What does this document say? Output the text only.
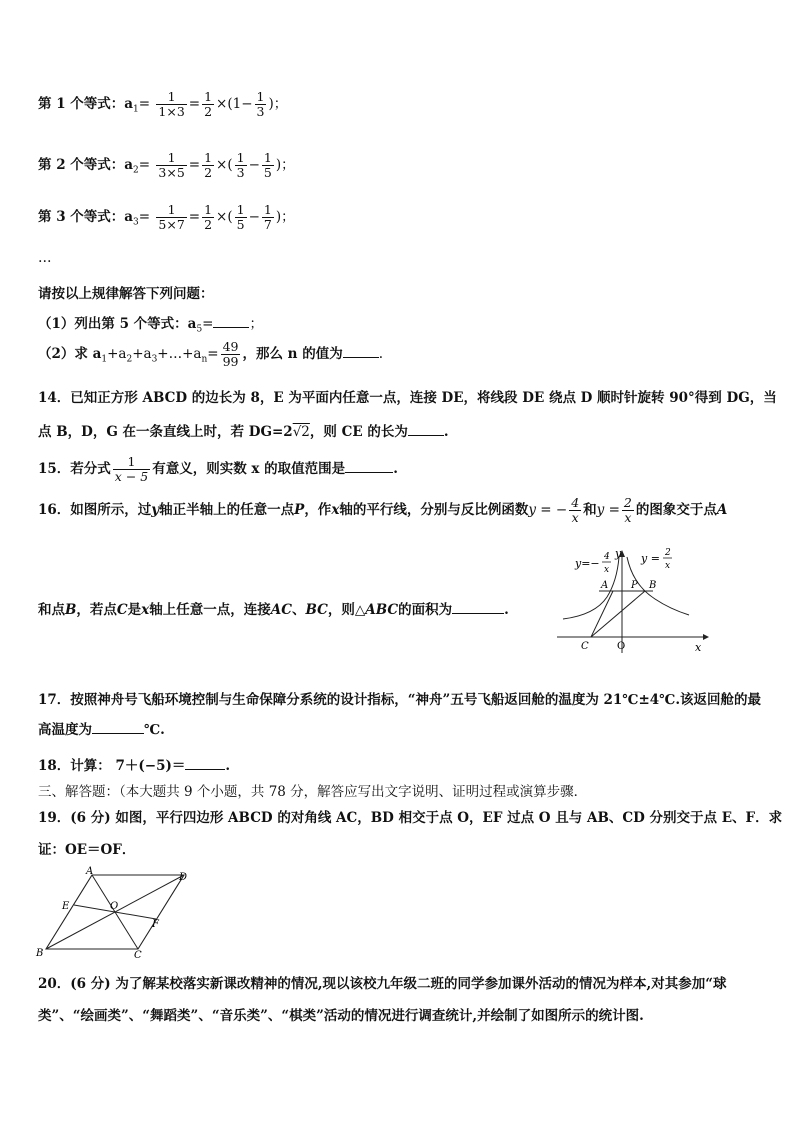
第 1 个等式：$a_1= \frac{1}{1\times 3} = \frac{1}{2} \times(1- \frac{1}{3}$ )；
第 2 个等式：$a_2= \frac{1}{3\times 5} = \frac{1}{2}$ ×( $\frac{1}{3} - \frac{1}{5}$ )；
第 3 个等式：$a_3= \frac{1}{5\times 7} = \frac{1}{2}$ ×( $\frac{1}{5} - \frac{1}{7}$ )；
…
请按以上规律解答下列问题：
（1）列出第 5 个等式：$a_5=$	；
（2）求 $a_1+a_2+a_3+\dots+a_n= \frac{49}{99}$ ，那么 n 的值为	.
14．已知正方形 ABCD 的边长为 8，E 为平面内任意一点，连接 DE，将线段 DE 绕点 D 顺时针旋转 90°得到 DG，当
点 B，D，G 在一条直线上时，若 DG=2√2，则 CE 的长为	.
15．若分式 $\frac{1}{x - 5}$ 有意义，则实数 x 的取值范围是	.
16．如图所示，过y轴正半轴上的任意一点P，作x轴的平行线，分别与反比例函数y = − $\frac{4}{x}$ 和$y = \frac{2}{x}$ 的图象交于点A
和点B，若点C是x轴上任意一点，连接AC、BC，则△ABC的面积为	.
y=− 4
x
y y = 2
x
A P B
C	O	x
17．按照神舟号飞船环境控制与生命保障分系统的设计指标，“神舟”五号飞船返回舱的温度为 21℃±4℃.该返回舱的最
高温度为	℃.
18．计算： 7＋(−5)＝	.
三、解答题：（本大题共 9 个小题，共 78 分，解答应写出文字说明、证明过程或演算步骤．
19．(6 分) 如图，平行四边形 ABCD 的对角线 AC，BD 相交于点 O，EF 过点 O 且与 AB、CD 分别交于点 E、F．求
证：OE＝OF．
A
D
E	O
F
B	C
20．(6 分) 为了解某校落实新课改精神的情况,现以该校九年级二班的同学参加课外活动的情况为样本,对其参加“球
类”、“绘画类”、“舞蹈类”、“音乐类”、“棋类”活动的情况进行调查统计,并绘制了如图所示的统计图.
